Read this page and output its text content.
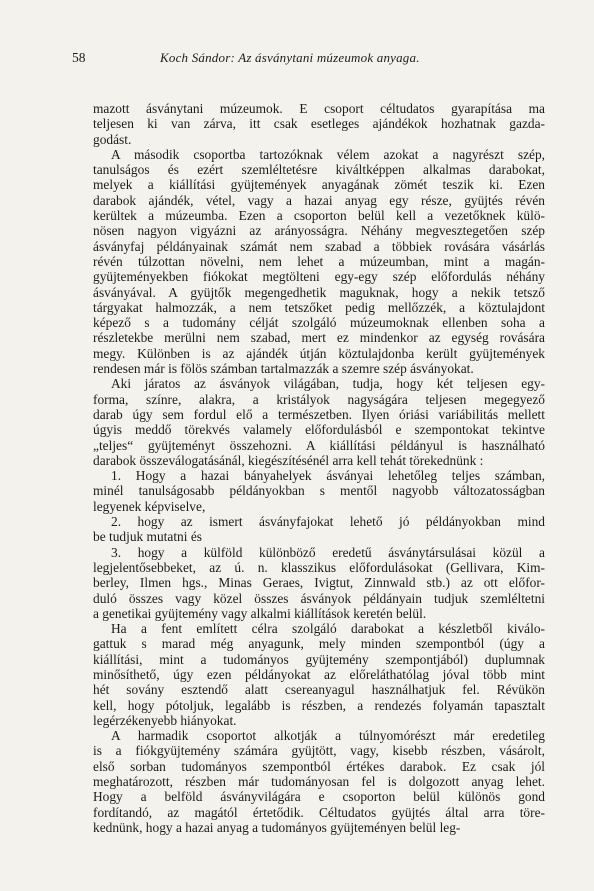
58	Koch Sándor: Az ásványtani múzeumok anyaga.
mazott ásványtani múzeumok. E csoport céltudatos gyarapítása ma
teljesen ki van zárva, itt csak esetleges ajándékok hozhatnak gazda-
godást.
A második csoportba tartozóknak vélem azokat a nagyrészt szép,
tanulságos és ezért szemléltetésre kiváltképpen alkalmas darabokat,
melyek a kiállítási gyüjtemények anyagának zömét teszik ki. Ezen
darabok ajándék, vétel, vagy a hazai anyag egy része, gyüjtés révén
kerültek a múzeumba. Ezen a csoporton belül kell a vezetőknek külö-
nösen nagyon vigyázni az arányosságra. Néhány megvesztegetően szép
ásványfaj példányainak számát nem szabad a többiek rovására vásárlás
révén túlzottan növelni, nem lehet a múzeumban, mint a magán-
gyüjteményekben fiókokat megtölteni egy-egy szép előfordulás néhány
ásványával. A gyüjtők megengedhetik maguknak, hogy a nekik tetsző
tárgyakat halmozzák, a nem tetszőket pedig mellőzzék, a köztulajdont
képező s a tudomány célját szolgáló múzeumoknak ellenben soha a
részletekbe merülni nem szabad, mert ez mindenkor az egység rovására
megy. Különben is az ajándék útján köztulajdonba került gyüjtemények
rendesen már is fölös számban tartalmazzák a szemre szép ásványokat.
Aki járatos az ásványok világában, tudja, hogy két teljesen egy-
forma, színre, alakra, a kristályok nagyságára teljesen megegyező
darab úgy sem fordul elő a természetben. Ilyen óriási variábilitás mellett
úgyis meddő törekvés valamely előfordulásból e szempontokat tekintve
„teljes“ gyüjteményt összehozni. A kiállítási példányul is használható
darabok összeválogatásánál, kiegészítésénél arra kell tehát törekednünk :
1. Hogy a hazai bányahelyek ásványai lehetőleg teljes számban,
minél tanulságosabb példányokban s mentől nagyobb változatosságban
legyenek képviselve,
2. hogy az ismert ásványfajokat lehető jó példányokban mind
be tudjuk mutatni és
3. hogy a külföld különböző eredetű ásványtársulásai közül a
legjelentősebbeket, az ú. n. klasszikus előfordulásokat (Gellivara, Kim-
berley, Ilmen hgs., Minas Geraes, Ivigtut, Zinnwald stb.) az ott előfor-
duló összes vagy közel összes ásványok példányain tudjuk szemléltetni
a genetikai gyüjtemény vagy alkalmi kiállítások keretén belül.
Ha a fent említett célra szolgáló darabokat a készletből kiválo-
gattuk s marad még anyagunk, mely minden szempontból (úgy a
kiállítási, mint a tudományos gyüjtemény szempontjából) duplumnak
minősíthető, úgy ezen példányokat az előreláthatólag jóval több mint
hét sovány esztendő alatt csereanyagul használhatjuk fel. Révükön
kell, hogy pótoljuk, legalább is részben, a rendezés folyamán tapasztalt
legérzékenyebb hiányokat.
A harmadik csoportot alkotják a túlnyomórészt már eredetileg
is a fiókgyüjtemény számára gyüjtött, vagy, kisebb részben, vásárolt,
első sorban tudományos szempontból értékes darabok. Ez csak jól
meghatározott, részben már tudományosan fel is dolgozott anyag lehet.
Hogy a belföld ásványvilágára e csoporton belül különös gond
fordítandó, az magától értetődik. Céltudatos gyüjtés által arra töre-
kednünk, hogy a hazai anyag a tudományos gyüjteményen belül leg-
